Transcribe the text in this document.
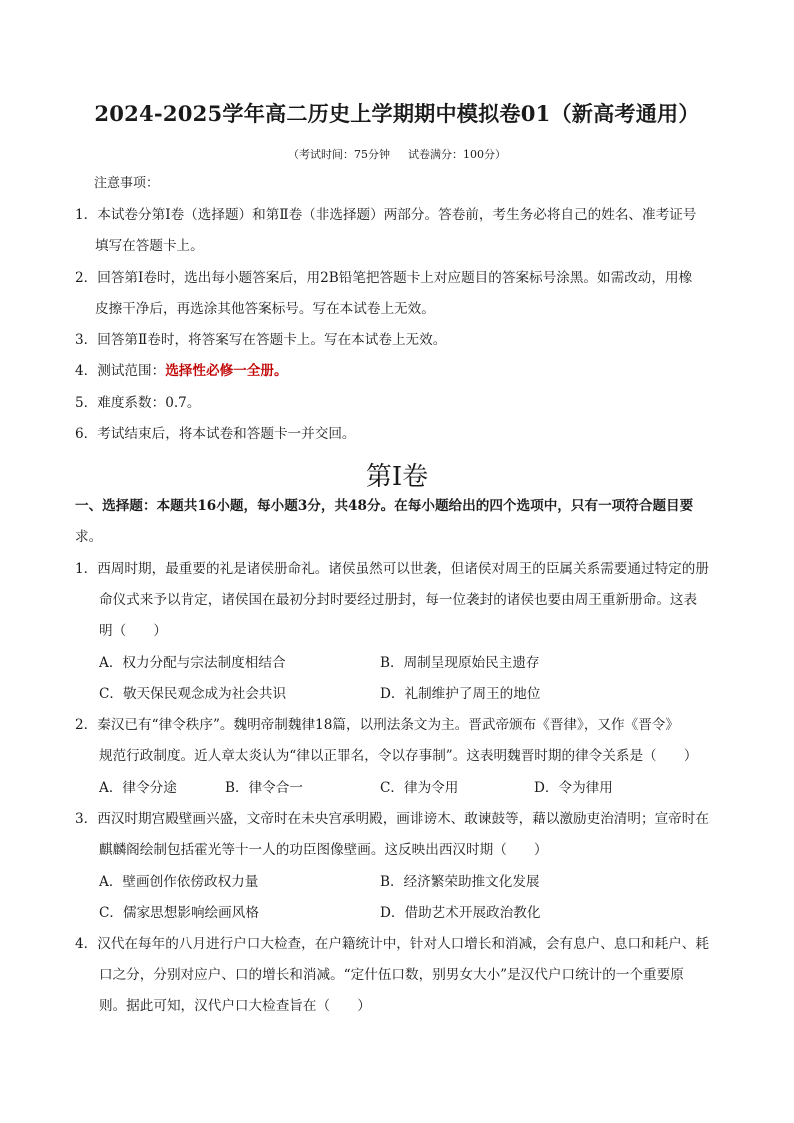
2024-2025学年高二历史上学期期中模拟卷01（新高考通用）
（考试时间：75分钟 试卷满分：100分）
注意事项：
1．本试卷分第Ⅰ卷（选择题）和第Ⅱ卷（非选择题）两部分。答卷前，考生务必将自己的姓名、准考证号
填写在答题卡上。
2．回答第Ⅰ卷时，选出每小题答案后，用2B铅笔把答题卡上对应题目的答案标号涂黑。如需改动，用橡
皮擦干净后，再选涂其他答案标号。写在本试卷上无效。
3．回答第Ⅱ卷时，将答案写在答题卡上。写在本试卷上无效。
4．测试范围：选择性必修一全册。
5．难度系数：0.7。
6．考试结束后，将本试卷和答题卡一并交回。
第Ⅰ卷
一、选择题：本题共16小题，每小题3分，共48分。在每小题给出的四个选项中，只有一项符合题目要
求。
1．西周时期，最重要的礼是诸侯册命礼。诸侯虽然可以世袭，但诸侯对周王的臣属关系需要通过特定的册
命仪式来予以肯定，诸侯国在最初分封时要经过册封，每一位袭封的诸侯也要由周王重新册命。这表
明（　　）
A．权力分配与宗法制度相结合	B．周制呈现原始民主遗存
C．敬天保民观念成为社会共识	D．礼制维护了周王的地位
2．秦汉已有“律令秩序”。魏明帝制魏律18篇，以刑法条文为主。晋武帝颁布《晋律》，又作《晋令》
规范行政制度。近人章太炎认为“律以正罪名，令以存事制”。这表明魏晋时期的律令关系是（　　）
A．律令分途	B．律令合一	C．律为令用	D．令为律用
3．西汉时期宫殿壁画兴盛，文帝时在未央宫承明殿，画诽谤木、敢谏鼓等，藉以激励吏治清明；宣帝时在
麒麟阁绘制包括霍光等十一人的功臣图像壁画。这反映出西汉时期（　　）
A．壁画创作依傍政权力量	B．经济繁荣助推文化发展
C．儒家思想影响绘画风格	D．借助艺术开展政治教化
4．汉代在每年的八月进行户口大检查，在户籍统计中，针对人口增长和消减，会有息户、息口和耗户、耗
口之分，分别对应户、口的增长和消减。“定什伍口数，别男女大小”是汉代户口统计的一个重要原
则。据此可知，汉代户口大检查旨在（　　）
